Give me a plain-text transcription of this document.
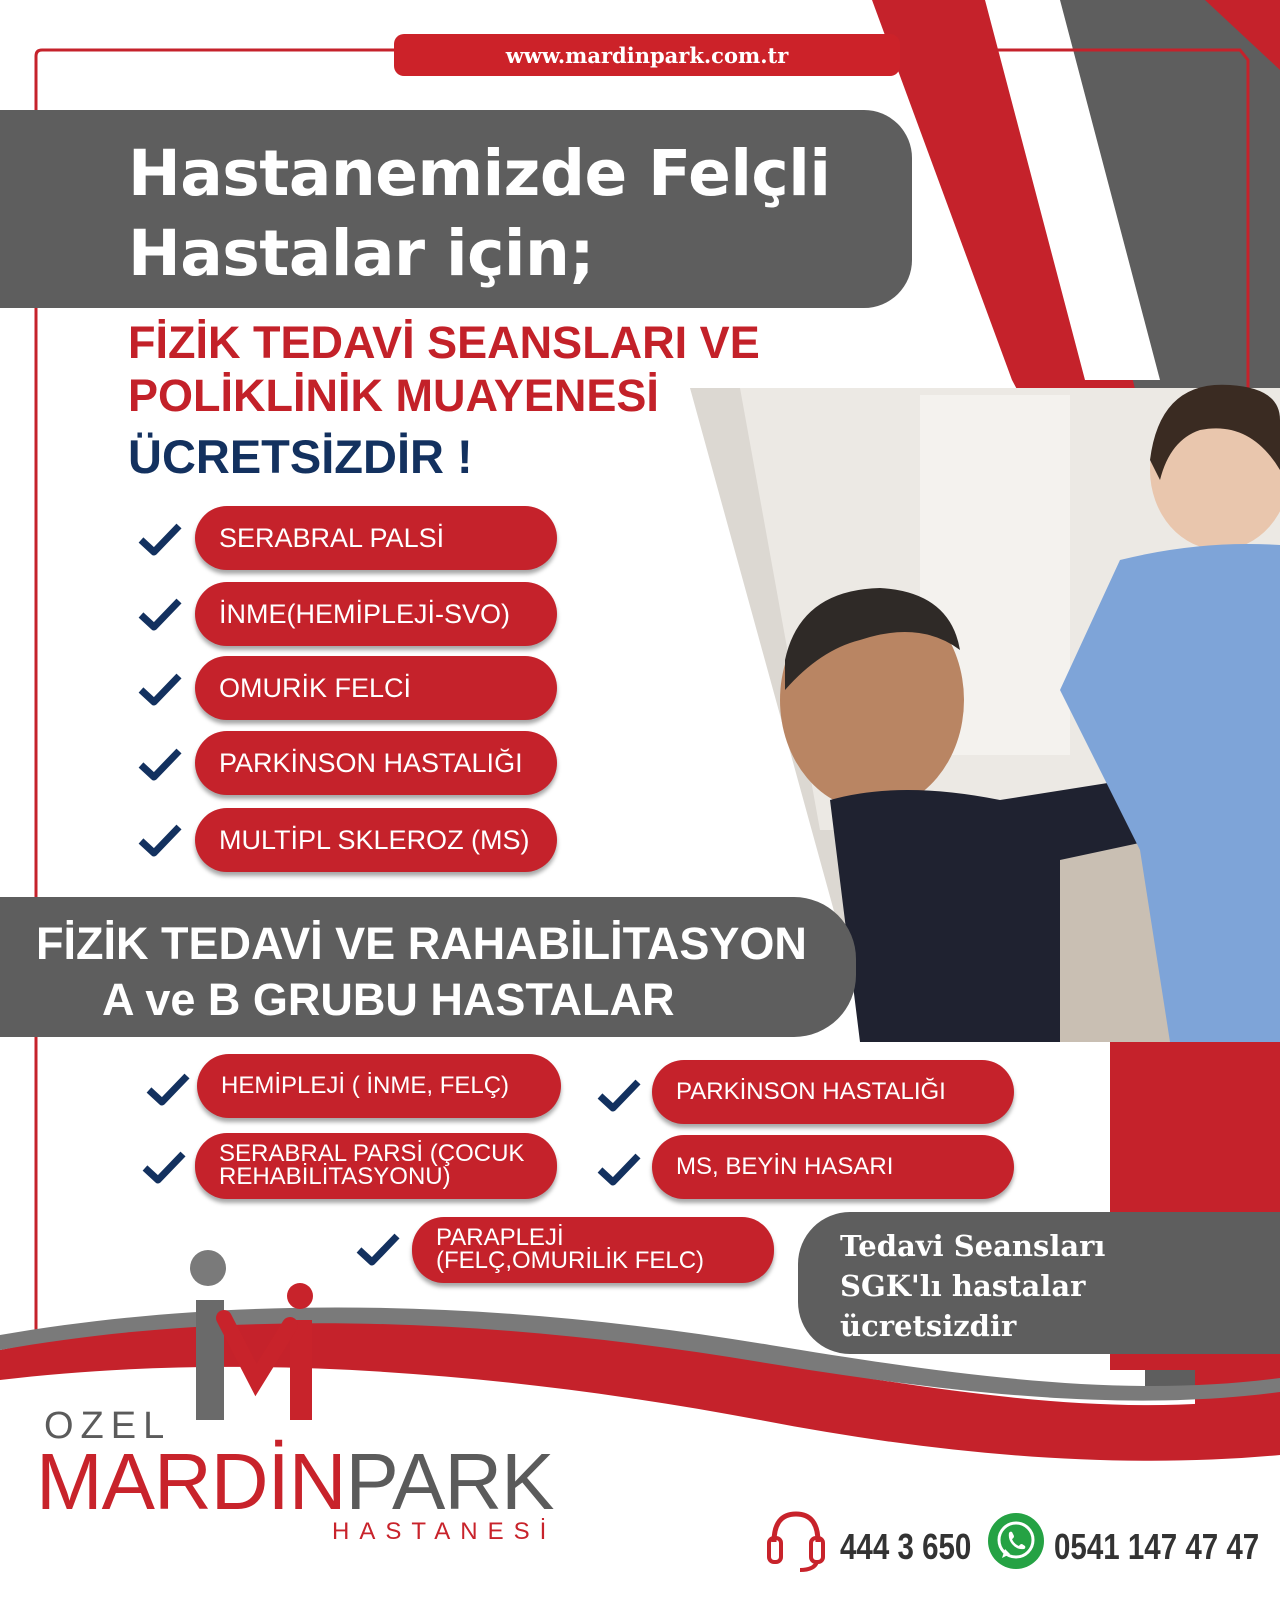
www.mardinpark.com.tr
Hastanemizde Felçli
Hastalar için;
FİZİK TEDAVİ SEANSLARI VE
POLİKLİNİK MUAYENESİ
ÜCRETSİZDİR !
SERABRAL PALSİ
İNME(HEMİPLEJİ-SVO)
OMURİK FELCİ
PARKİNSON HASTALIĞI
MULTİPL SKLEROZ (MS)
FİZİK TEDAVİ VE RAHABİLİTASYON
A ve B GRUBU HASTALAR
HEMİPLEJİ ( İNME, FELÇ)
SERABRAL PARSİ (ÇOCUK
REHABİLİTASYONU)
PARAPLEJİ
(FELÇ,OMURİLİK FELC)
PARKİNSON HASTALIĞI
MS, BEYİN HASARI
Tedavi Seansları
SGK'lı hastalar
ücretsizdir
OZEL
MARDİNPARK
HASTANESİ	444 3 650 0541 147 47 47
